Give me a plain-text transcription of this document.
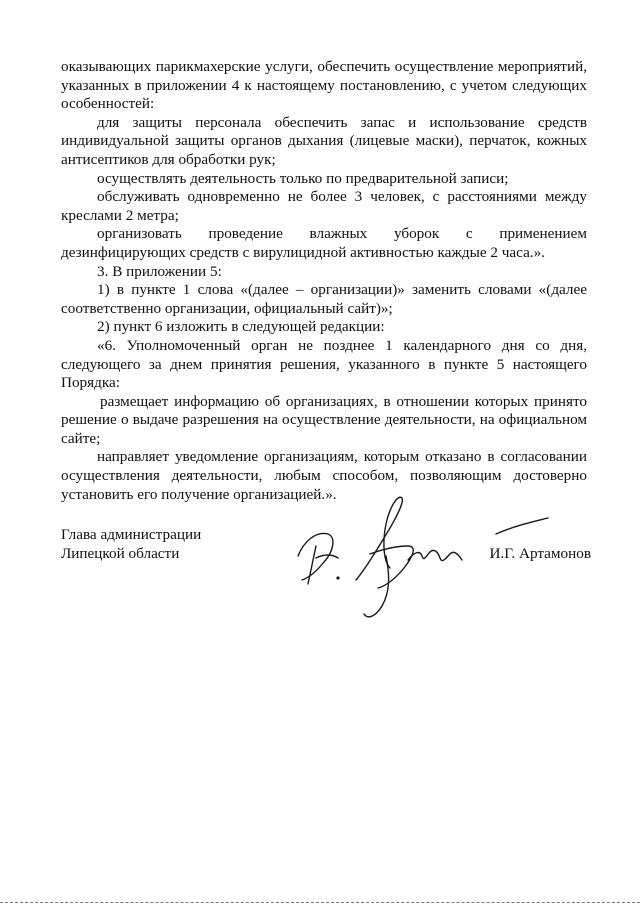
оказывающих парикмахерские услуги, обеспечить осуществление мероприятий, указанных в приложении 4 к настоящему постановлению, с учетом следующих особенностей:

для защиты персонала обеспечить запас и использование средств индивидуальной защиты органов дыхания (лицевые маски), перчаток, кожных антисептиков для обработки рук;

осуществлять деятельность только по предварительной записи;

обслуживать одновременно не более 3 человек, с расстояниями между креслами 2 метра;

организовать проведение влажных уборок с применением дезинфицирующих средств с вирулицидной активностью каждые 2 часа.».

3. В приложении 5:

1) в пункте 1 слова «(далее – организации)» заменить словами «(далее соответственно организации, официальный сайт)»;

2) пункт 6 изложить в следующей редакции:

«6. Уполномоченный орган не позднее 1 календарного дня со дня, следующего за днем принятия решения, указанного в пункте 5 настоящего Порядка:

размещает информацию об организациях, в отношении которых принято решение о выдаче разрешения на осуществление деятельности, на официальном сайте;

направляет уведомление организациям, которым отказано в согласовании осуществления деятельности, любым способом, позволяющим достоверно установить его получение организацией.».

Глава администрации
Липецкой области	И.Г. Артамонов
